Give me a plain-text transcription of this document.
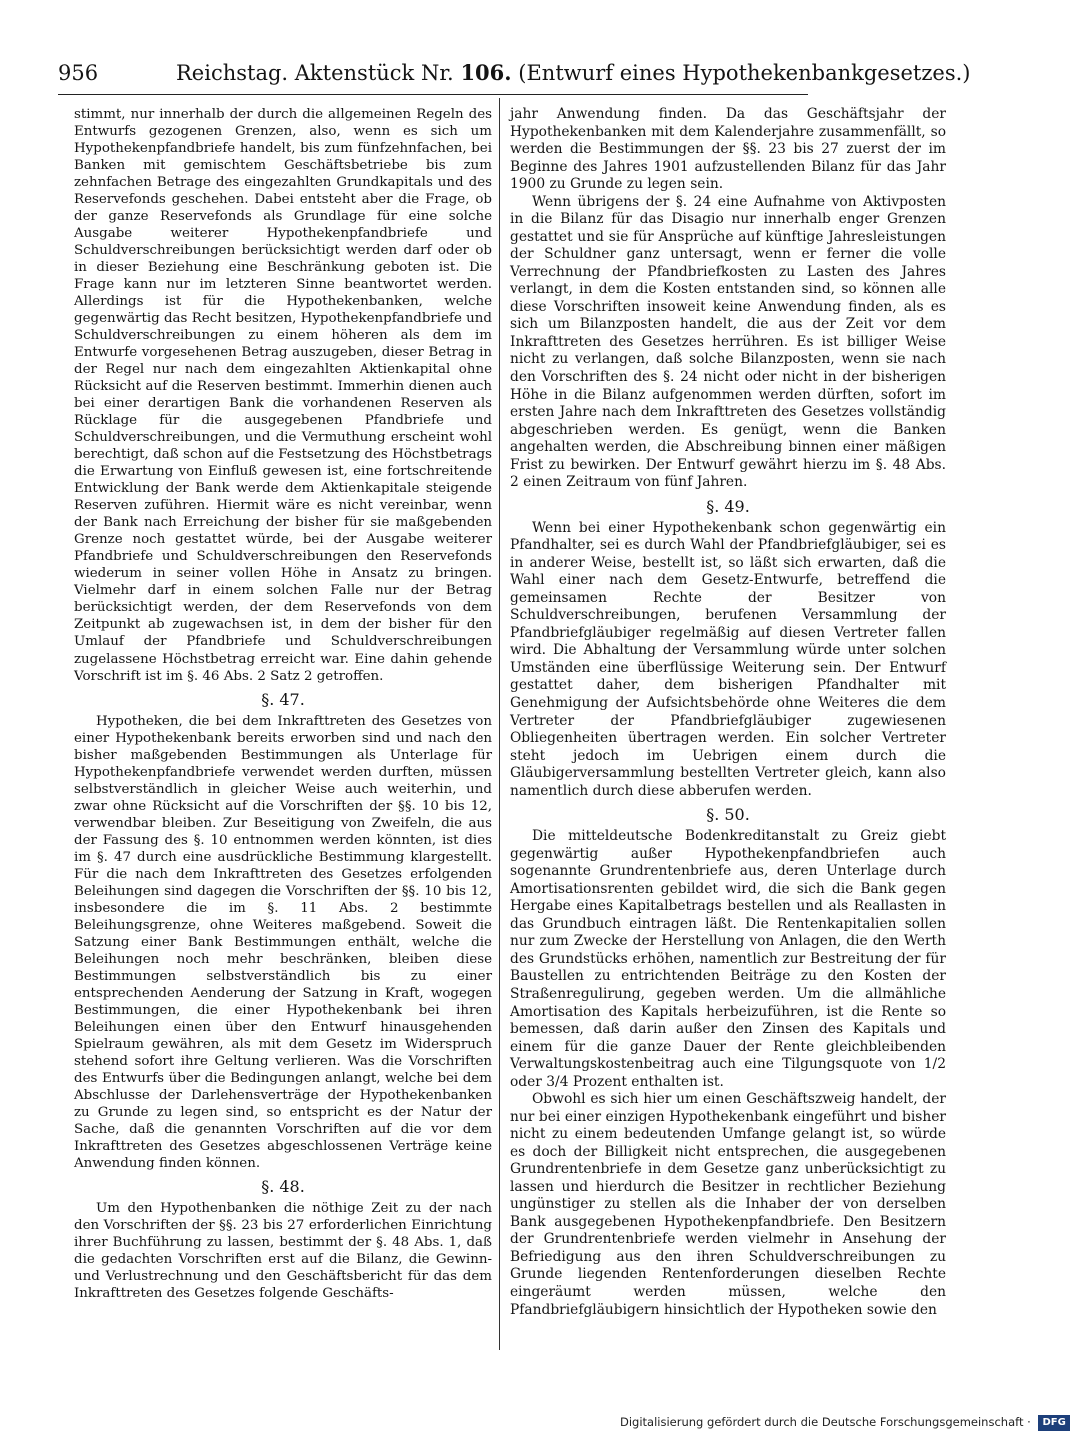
956	Reichstag. Aktenstück Nr. 106. (Entwurf eines Hypothekenbankgesetzes.)

stimmt, nur innerhalb der durch die allgemeinen Regeln des Entwurfs gezogenen Grenzen, also, wenn es sich um Hypothekenpfandbriefe handelt, bis zum fünfzehnfachen, bei Banken mit gemischtem Geschäftsbetriebe bis zum zehnfachen Betrage des eingezahlten Grundkapitals und des Reservefonds geschehen. Dabei entsteht aber die Frage, ob der ganze Reservefonds als Grundlage für eine solche Ausgabe weiterer Hypothekenpfandbriefe und Schuldverschreibungen berücksichtigt werden darf oder ob in dieser Beziehung eine Beschränkung geboten ist. Die Frage kann nur im letzteren Sinne beantwortet werden. Allerdings ist für die Hypothekenbanken, welche gegenwärtig das Recht besitzen, Hypothekenpfandbriefe und Schuldverschreibungen zu einem höheren als dem im Entwurfe vorgesehenen Betrag auszugeben, dieser Betrag in der Regel nur nach dem eingezahlten Aktienkapital ohne Rücksicht auf die Reserven bestimmt. Immerhin dienen auch bei einer derartigen Bank die vorhandenen Reserven als Rücklage für die ausgegebenen Pfandbriefe und Schuldverschreibungen, und die Vermuthung erscheint wohl berechtigt, daß schon auf die Festsetzung des Höchstbetrags die Erwartung von Einfluß gewesen ist, eine fortschreitende Entwicklung der Bank werde dem Aktienkapitale steigende Reserven zuführen. Hiermit wäre es nicht vereinbar, wenn der Bank nach Erreichung der bisher für sie maßgebenden Grenze noch gestattet würde, bei der Ausgabe weiterer Pfandbriefe und Schuldverschreibungen den Reservefonds wiederum in seiner vollen Höhe in Ansatz zu bringen. Vielmehr darf in einem solchen Falle nur der Betrag berücksichtigt werden, der dem Reservefonds von dem Zeitpunkt ab zugewachsen ist, in dem der bisher für den Umlauf der Pfandbriefe und Schuldverschreibungen zugelassene Höchstbetrag erreicht war. Eine dahin gehende Vorschrift ist im §. 46 Abs. 2 Satz 2 getroffen.

§. 47.

Hypotheken, die bei dem Inkrafttreten des Gesetzes von einer Hypothekenbank bereits erworben sind und nach den bisher maßgebenden Bestimmungen als Unterlage für Hypothekenpfandbriefe verwendet werden durften, müssen selbstverständlich in gleicher Weise auch weiterhin, und zwar ohne Rücksicht auf die Vorschriften der §§. 10 bis 12, verwendbar bleiben. Zur Beseitigung von Zweifeln, die aus der Fassung des §. 10 entnommen werden könnten, ist dies im §. 47 durch eine ausdrückliche Bestimmung klargestellt. Für die nach dem Inkrafttreten des Gesetzes erfolgenden Beleihungen sind dagegen die Vorschriften der §§. 10 bis 12, insbesondere die im §. 11 Abs. 2 bestimmte Beleihungsgrenze, ohne Weiteres maßgebend. Soweit die Satzung einer Bank Bestimmungen enthält, welche die Beleihungen noch mehr beschränken, bleiben diese Bestimmungen selbstverständlich bis zu einer entsprechenden Aenderung der Satzung in Kraft, wogegen Bestimmungen, die einer Hypothekenbank bei ihren Beleihungen einen über den Entwurf hinausgehenden Spielraum gewähren, als mit dem Gesetz im Widerspruch stehend sofort ihre Geltung verlieren. Was die Vorschriften des Entwurfs über die Bedingungen anlangt, welche bei dem Abschlusse der Darlehensverträge der Hypothekenbanken zu Grunde zu legen sind, so entspricht es der Natur der Sache, daß die genannten Vorschriften auf die vor dem Inkrafttreten des Gesetzes abgeschlossenen Verträge keine Anwendung finden können.

§. 48.

Um den Hypothenbanken die nöthige Zeit zu der nach den Vorschriften der §§. 23 bis 27 erforderlichen Einrichtung ihrer Buchführung zu lassen, bestimmt der §. 48 Abs. 1, daß die gedachten Vorschriften erst auf die Bilanz, die Gewinn- und Verlustrechnung und den Geschäftsbericht für das dem Inkrafttreten des Gesetzes folgende Geschäfts-

jahr Anwendung finden. Da das Geschäftsjahr der Hypothekenbanken mit dem Kalenderjahre zusammenfällt, so werden die Bestimmungen der §§. 23 bis 27 zuerst der im Beginne des Jahres 1901 aufzustellenden Bilanz für das Jahr 1900 zu Grunde zu legen sein.

Wenn übrigens der §. 24 eine Aufnahme von Aktivposten in die Bilanz für das Disagio nur innerhalb enger Grenzen gestattet und sie für Ansprüche auf künftige Jahresleistungen der Schuldner ganz untersagt, wenn er ferner die volle Verrechnung der Pfandbriefkosten zu Lasten des Jahres verlangt, in dem die Kosten entstanden sind, so können alle diese Vorschriften insoweit keine Anwendung finden, als es sich um Bilanzposten handelt, die aus der Zeit vor dem Inkrafttreten des Gesetzes herrühren. Es ist billiger Weise nicht zu verlangen, daß solche Bilanzposten, wenn sie nach den Vorschriften des §. 24 nicht oder nicht in der bisherigen Höhe in die Bilanz aufgenommen werden dürften, sofort im ersten Jahre nach dem Inkrafttreten des Gesetzes vollständig abgeschrieben werden. Es genügt, wenn die Banken angehalten werden, die Abschreibung binnen einer mäßigen Frist zu bewirken. Der Entwurf gewährt hierzu im §. 48 Abs. 2 einen Zeitraum von fünf Jahren.

§. 49.

Wenn bei einer Hypothekenbank schon gegenwärtig ein Pfandhalter, sei es durch Wahl der Pfandbriefgläubiger, sei es in anderer Weise, bestellt ist, so läßt sich erwarten, daß die Wahl einer nach dem Gesetz-Entwurfe, betreffend die gemeinsamen Rechte der Besitzer von Schuldverschreibungen, berufenen Versammlung der Pfandbriefgläubiger regelmäßig auf diesen Vertreter fallen wird. Die Abhaltung der Versammlung würde unter solchen Umständen eine überflüssige Weiterung sein. Der Entwurf gestattet daher, dem bisherigen Pfandhalter mit Genehmigung der Aufsichtsbehörde ohne Weiteres die dem Vertreter der Pfandbriefgläubiger zugewiesenen Obliegenheiten übertragen werden. Ein solcher Vertreter steht jedoch im Uebrigen einem durch die Gläubigerversammlung bestellten Vertreter gleich, kann also namentlich durch diese abberufen werden.

§. 50.

Die mitteldeutsche Bodenkreditanstalt zu Greiz giebt gegenwärtig außer Hypothekenpfandbriefen auch sogenannte Grundrentenbriefe aus, deren Unterlage durch Amortisationsrenten gebildet wird, die sich die Bank gegen Hergabe eines Kapitalbetrags bestellen und als Reallasten in das Grundbuch eintragen läßt. Die Rentenkapitalien sollen nur zum Zwecke der Herstellung von Anlagen, die den Werth des Grundstücks erhöhen, namentlich zur Bestreitung der für Baustellen zu entrichtenden Beiträge zu den Kosten der Straßenregulirung, gegeben werden. Um die allmähliche Amortisation des Kapitals herbeizuführen, ist die Rente so bemessen, daß darin außer den Zinsen des Kapitals und einem für die ganze Dauer der Rente gleichbleibenden Verwaltungskostenbeitrag auch eine Tilgungsquote von 1/2 oder 3/4 Prozent enthalten ist.

Obwohl es sich hier um einen Geschäftszweig handelt, der nur bei einer einzigen Hypothekenbank eingeführt und bisher nicht zu einem bedeutenden Umfange gelangt ist, so würde es doch der Billigkeit nicht entsprechen, die ausgegebenen Grundrentenbriefe in dem Gesetze ganz unberücksichtigt zu lassen und hierdurch die Besitzer in rechtlicher Beziehung ungünstiger zu stellen als die Inhaber der von derselben Bank ausgegebenen Hypothekenpfandbriefe. Den Besitzern der Grundrentenbriefe werden vielmehr in Ansehung der Befriedigung aus den ihren Schuldverschreibungen zu Grunde liegenden Rentenforderungen dieselben Rechte eingeräumt werden müssen, welche den Pfandbriefgläubigern hinsichtlich der Hypotheken sowie den

Digitalisierung gefördert durch die Deutsche Forschungsgemeinschaft · DFG
